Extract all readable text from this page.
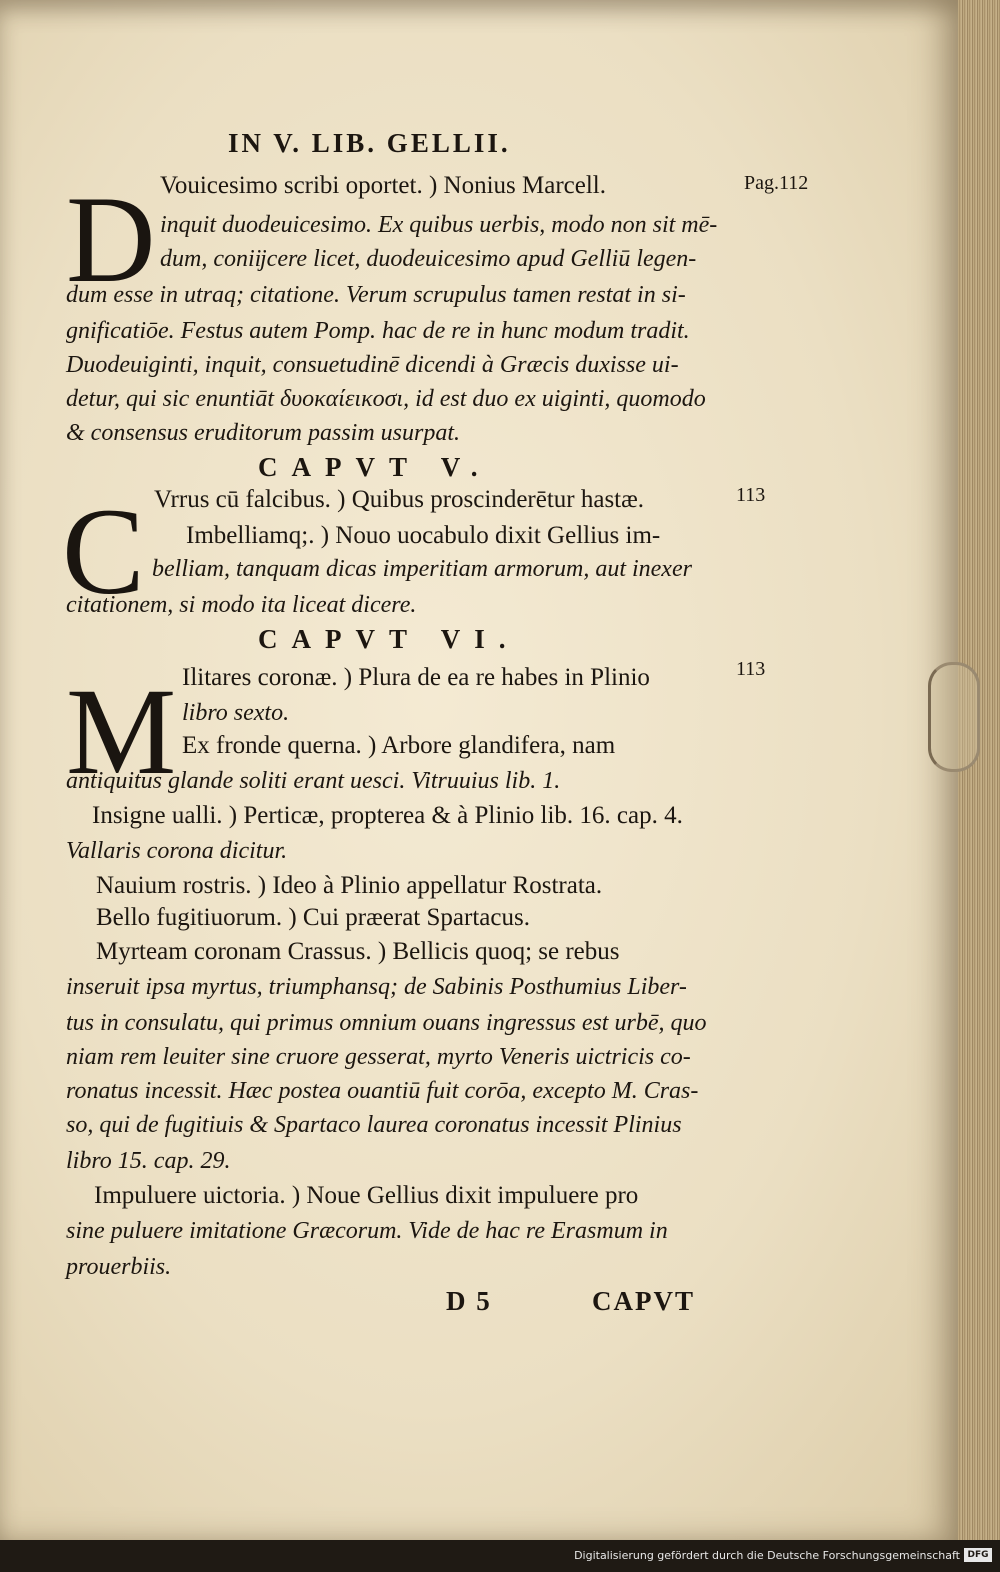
IN V. LIB. GELLII.
Pag.112
113
113
D
C
M
Vouicesimo scribi oportet. ) Nonius Marcell.
inquit duodeuicesimo. Ex quibus uerbis, modo non sit mē-
dum, coniĳcere licet, duodeuicesimo apud Gelliū legen-
dum esse in utraq; citatione. Verum scrupulus tamen restat in si-
gnificatiōe. Festus autem Pomp. hac de re in hunc modum tradit.
Duodeuiginti, inquit, consuetudinē dicendi à Græcis duxisse ui-
detur, qui sic enuntiāt δυοκαίεικοσι, id est duo ex uiginti, quomodo
& consensus eruditorum passim usurpat.
CAPVT V.
Vrrus cū falcibus. ) Quibus proscinderētur hastæ.
Imbelliamq;. ) Nouo uocabulo dixit Gellius im-
belliam, tanquam dicas imperitiam armorum, aut inexer
citationem, si modo ita liceat dicere.
CAPVT VI.
Ilitares coronæ. ) Plura de ea re habes in Plinio
libro sexto.
Ex fronde querna. ) Arbore glandifera, nam
antiquitus glande soliti erant uesci. Vitruuius lib. 1.
Insigne ualli. ) Perticæ, propterea & à Plinio lib. 16. cap. 4.
Vallaris corona dicitur.
Nauium rostris. ) Ideo à Plinio appellatur Rostrata.
Bello fugitiuorum. ) Cui præerat Spartacus.
Myrteam coronam Crassus. ) Bellicis quoq; se rebus
inseruit ipsa myrtus, triumphansq; de Sabinis Posthumius Liber-
tus in consulatu, qui primus omnium ouans ingressus est urbē, quo
niam rem leuiter sine cruore gesserat, myrto Veneris uictricis co-
ronatus incessit. Hæc postea ouantiū fuit corōa, excepto M. Cras-
so, qui de fugitiuis & Spartaco laurea coronatus incessit Plinius
libro 15. cap. 29.
Impuluere uictoria. ) Noue Gellius dixit impuluere pro
sine puluere imitatione Græcorum. Vide de hac re Erasmum in
prouerbiis.
D 5	CAPVT
Digitalisierung gefördert durch die Deutsche Forschungsgemeinschaft DFG
